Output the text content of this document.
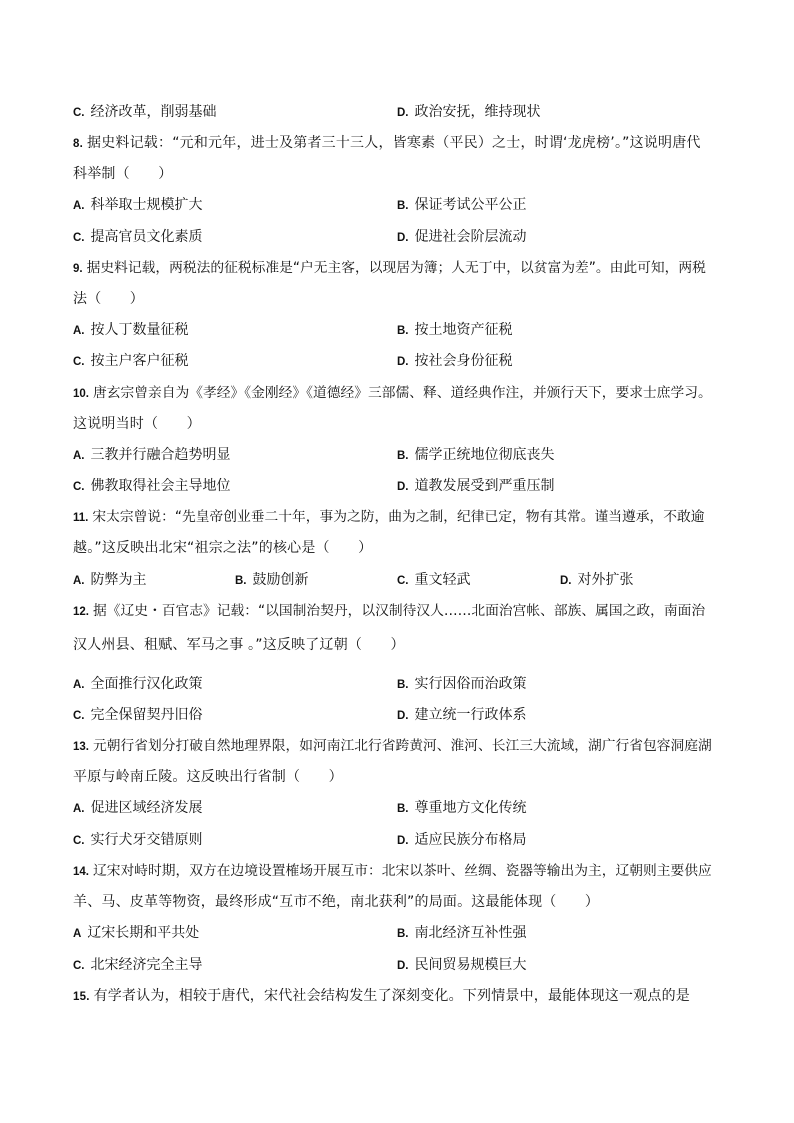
C. 经济改革，削弱基础	D. 政治安抚，维持现状
8. 据史料记载：“元和元年，进士及第者三十三人，皆寒素（平民）之士，时谓‘龙虎榜’。”这说明唐代
科举制（　　）
A. 科举取士规模扩大	B. 保证考试公平公正
C. 提高官员文化素质	D. 促进社会阶层流动
9. 据史料记载，两税法的征税标准是“户无主客，以现居为簿；人无丁中，以贫富为差”。由此可知，两税
法（　　）
A. 按人丁数量征税	B. 按土地资产征税
C. 按主户客户征税	D. 按社会身份征税
10. 唐玄宗曾亲自为《孝经》《金刚经》《道德经》三部儒、释、道经典作注，并颁行天下，要求士庶学习。
这说明当时（　　）
A. 三教并行融合趋势明显	B. 儒学正统地位彻底丧失
C. 佛教取得社会主导地位	D. 道教发展受到严重压制
11. 宋太宗曾说：“先皇帝创业垂二十年，事为之防，曲为之制，纪律已定，物有其常。谨当遵承，不敢逾
越。”这反映出北宋“祖宗之法”的核心是（　　）
A. 防弊为主	B. 鼓励创新	C. 重文轻武	D. 对外扩张
12. 据《辽史・百官志》记载：“以国制治契丹，以汉制待汉人……北面治宫帐、部族、属国之政，南面治
汉人州县、租赋、军马之事 。”这反映了辽朝（　　）
A. 全面推行汉化政策	B. 实行因俗而治政策
C. 完全保留契丹旧俗	D. 建立统一行政体系
13. 元朝行省划分打破自然地理界限，如河南江北行省跨黄河、淮河、长江三大流域，湖广行省包容洞庭湖
平原与岭南丘陵。这反映出行省制（　　）
A. 促进区域经济发展	B. 尊重地方文化传统
C. 实行犬牙交错原则	D. 适应民族分布格局
14. 辽宋对峙时期，双方在边境设置榷场开展互市：北宋以茶叶、丝绸、瓷器等输出为主，辽朝则主要供应
羊、马、皮革等物资，最终形成“互市不绝，南北获利”的局面。这最能体现（　　）
A 辽宋长期和平共处	B. 南北经济互补性强
C. 北宋经济完全主导	D. 民间贸易规模巨大
15. 有学者认为，相较于唐代，宋代社会结构发生了深刻变化。下列情景中，最能体现这一观点的是
